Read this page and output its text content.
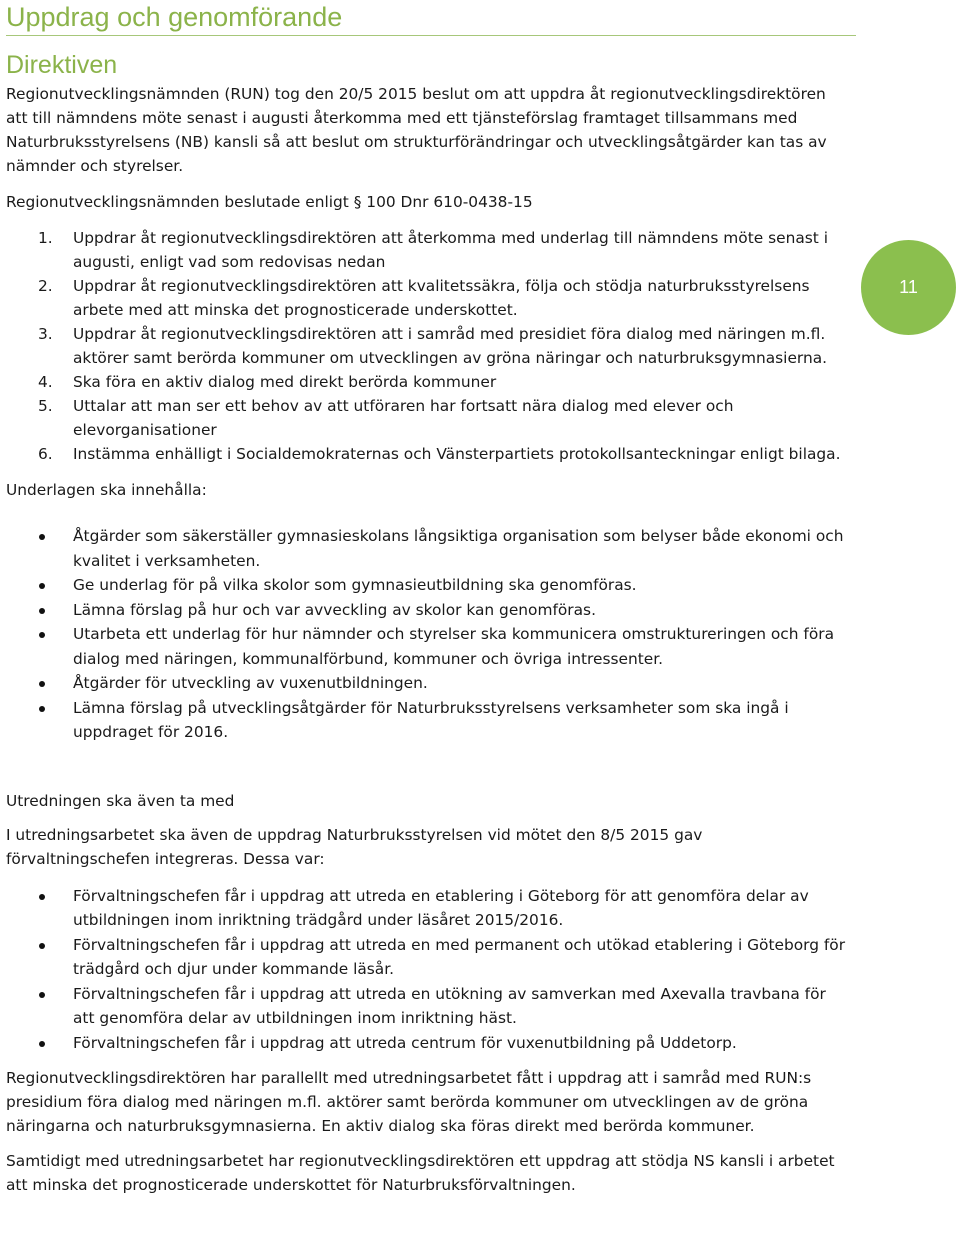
Uppdrag och genomförande
Direktiven

Regionutvecklingsnämnden (RUN) tog den 20/5 2015 beslut om att uppdra åt regionutvecklingsdirektören att till nämndens möte senast i augusti återkomma med ett tjänsteförslag framtaget tillsammans med Naturbruksstyrelsens (NB) kansli så att beslut om strukturförändringar och utvecklingsåtgärder kan tas av nämnder och styrelser.

Regionutvecklingsnämnden beslutade enligt § 100 Dnr 610-0438-15

1. Uppdrar åt regionutvecklingsdirektören att återkomma med underlag till nämndens möte senast i augusti, enligt vad som redovisas nedan
2. Uppdrar åt regionutvecklingsdirektören att kvalitetssäkra, följa och stödja naturbruksstyrelsens arbete med att minska det prognosticerade underskottet.
3. Uppdrar åt regionutvecklingsdirektören att i samråd med presidiet föra dialog med näringen m.fl. aktörer samt berörda kommuner om utvecklingen av gröna näringar och naturbruksgymnasierna.
4. Ska föra en aktiv dialog med direkt berörda kommuner
5. Uttalar att man ser ett behov av att utföraren har fortsatt nära dialog med elever och elevorganisationer
6. Instämma enhälligt i Socialdemokraternas och Vänsterpartiets protokollsanteckningar enligt bilaga.

Underlagen ska innehålla:

Åtgärder som säkerställer gymnasieskolans långsiktiga organisation som belyser både ekonomi och kvalitet i verksamheten.
Ge underlag för på vilka skolor som gymnasieutbildning ska genomföras.
Lämna förslag på hur och var avveckling av skolor kan genomföras.
Utarbeta ett underlag för hur nämnder och styrelser ska kommunicera omstruktureringen och föra dialog med näringen, kommunalförbund, kommuner och övriga intressenter.
Åtgärder för utveckling av vuxenutbildningen.
Lämna förslag på utvecklingsåtgärder för Naturbruksstyrelsens verksamheter som ska ingå i uppdraget för 2016.

Utredningen ska även ta med

I utredningsarbetet ska även de uppdrag Naturbruksstyrelsen vid mötet den 8/5 2015 gav förvaltningschefen integreras. Dessa var:

Förvaltningschefen får i uppdrag att utreda en etablering i Göteborg för att genomföra delar av utbildningen inom inriktning trädgård under läsåret 2015/2016.
Förvaltningschefen får i uppdrag att utreda en med permanent och utökad etablering i Göteborg för trädgård och djur under kommande läsår.
Förvaltningschefen får i uppdrag att utreda en utökning av samverkan med Axevalla travbana för att genomföra delar av utbildningen inom inriktning häst.
Förvaltningschefen får i uppdrag att utreda centrum för vuxenutbildning på Uddetorp.

Regionutvecklingsdirektören har parallellt med utredningsarbetet fått i uppdrag att i samråd med RUN:s presidium föra dialog med näringen m.fl. aktörer samt berörda kommuner om utvecklingen av de gröna näringarna och naturbruksgymnasierna. En aktiv dialog ska föras direkt med berörda kommuner.

Samtidigt med utredningsarbetet har regionutvecklingsdirektören ett uppdrag att stödja NS kansli i arbetet att minska det prognosticerade underskottet för Naturbruksförvaltningen.

11
